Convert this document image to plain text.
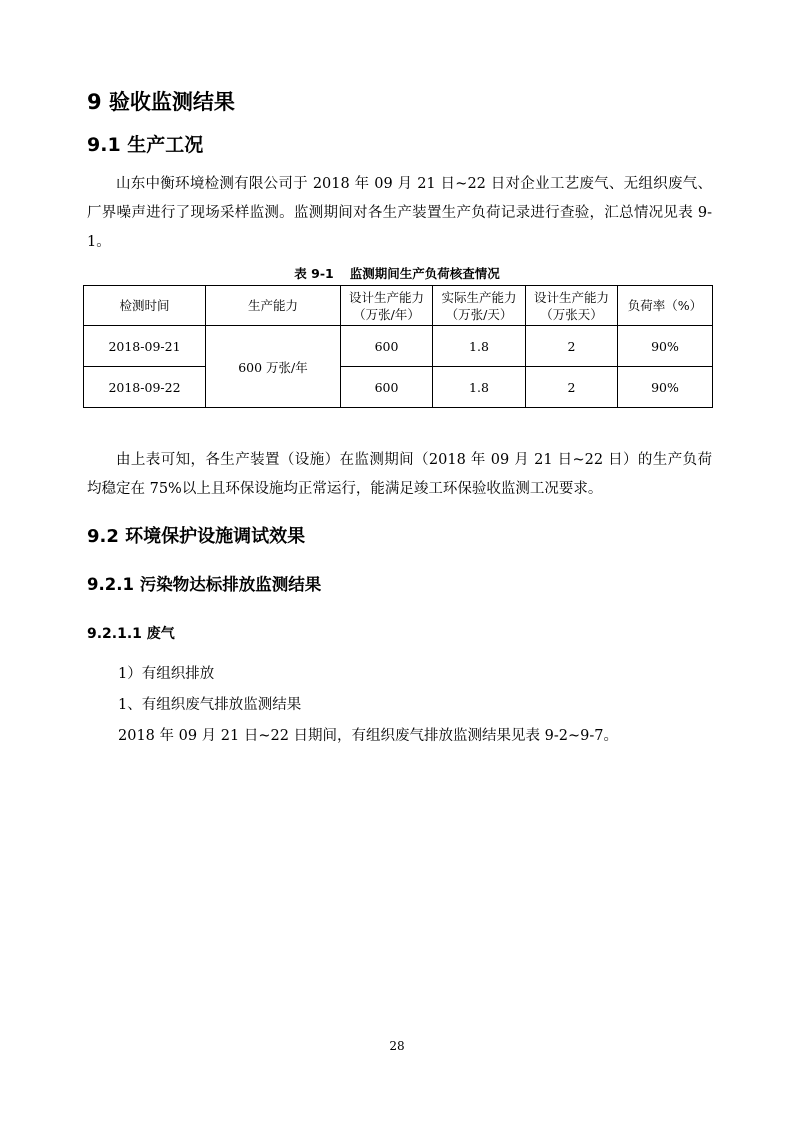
9 验收监测结果
9.1 生产工况

山东中衡环境检测有限公司于 2018 年 09 月 21 日~22 日对企业工艺废气、无组织废气、厂界噪声进行了现场采样监测。监测期间对各生产装置生产负荷记录进行查验，汇总情况见表 9-1。

表 9-1 监测期间生产负荷核查情况

检测时间	生产能力	设计生产能力（万张/年）	实际生产能力（万张/天）	设计生产能力（万张天）	负荷率（%）
2018-09-21	600 万张/年	600	1.8	2	90%
2018-09-22		600	1.8	2	90%

由上表可知，各生产装置（设施）在监测期间（2018 年 09 月 21 日~22 日）的生产负荷均稳定在 75%以上且环保设施均正常运行，能满足竣工环保验收监测工况要求。

9.2 环境保护设施调试效果
9.2.1 污染物达标排放监测结果
9.2.1.1 废气

1）有组织排放

1、有组织废气排放监测结果

2018 年 09 月 21 日~22 日期间，有组织废气排放监测结果见表 9-2~9-7。

28
